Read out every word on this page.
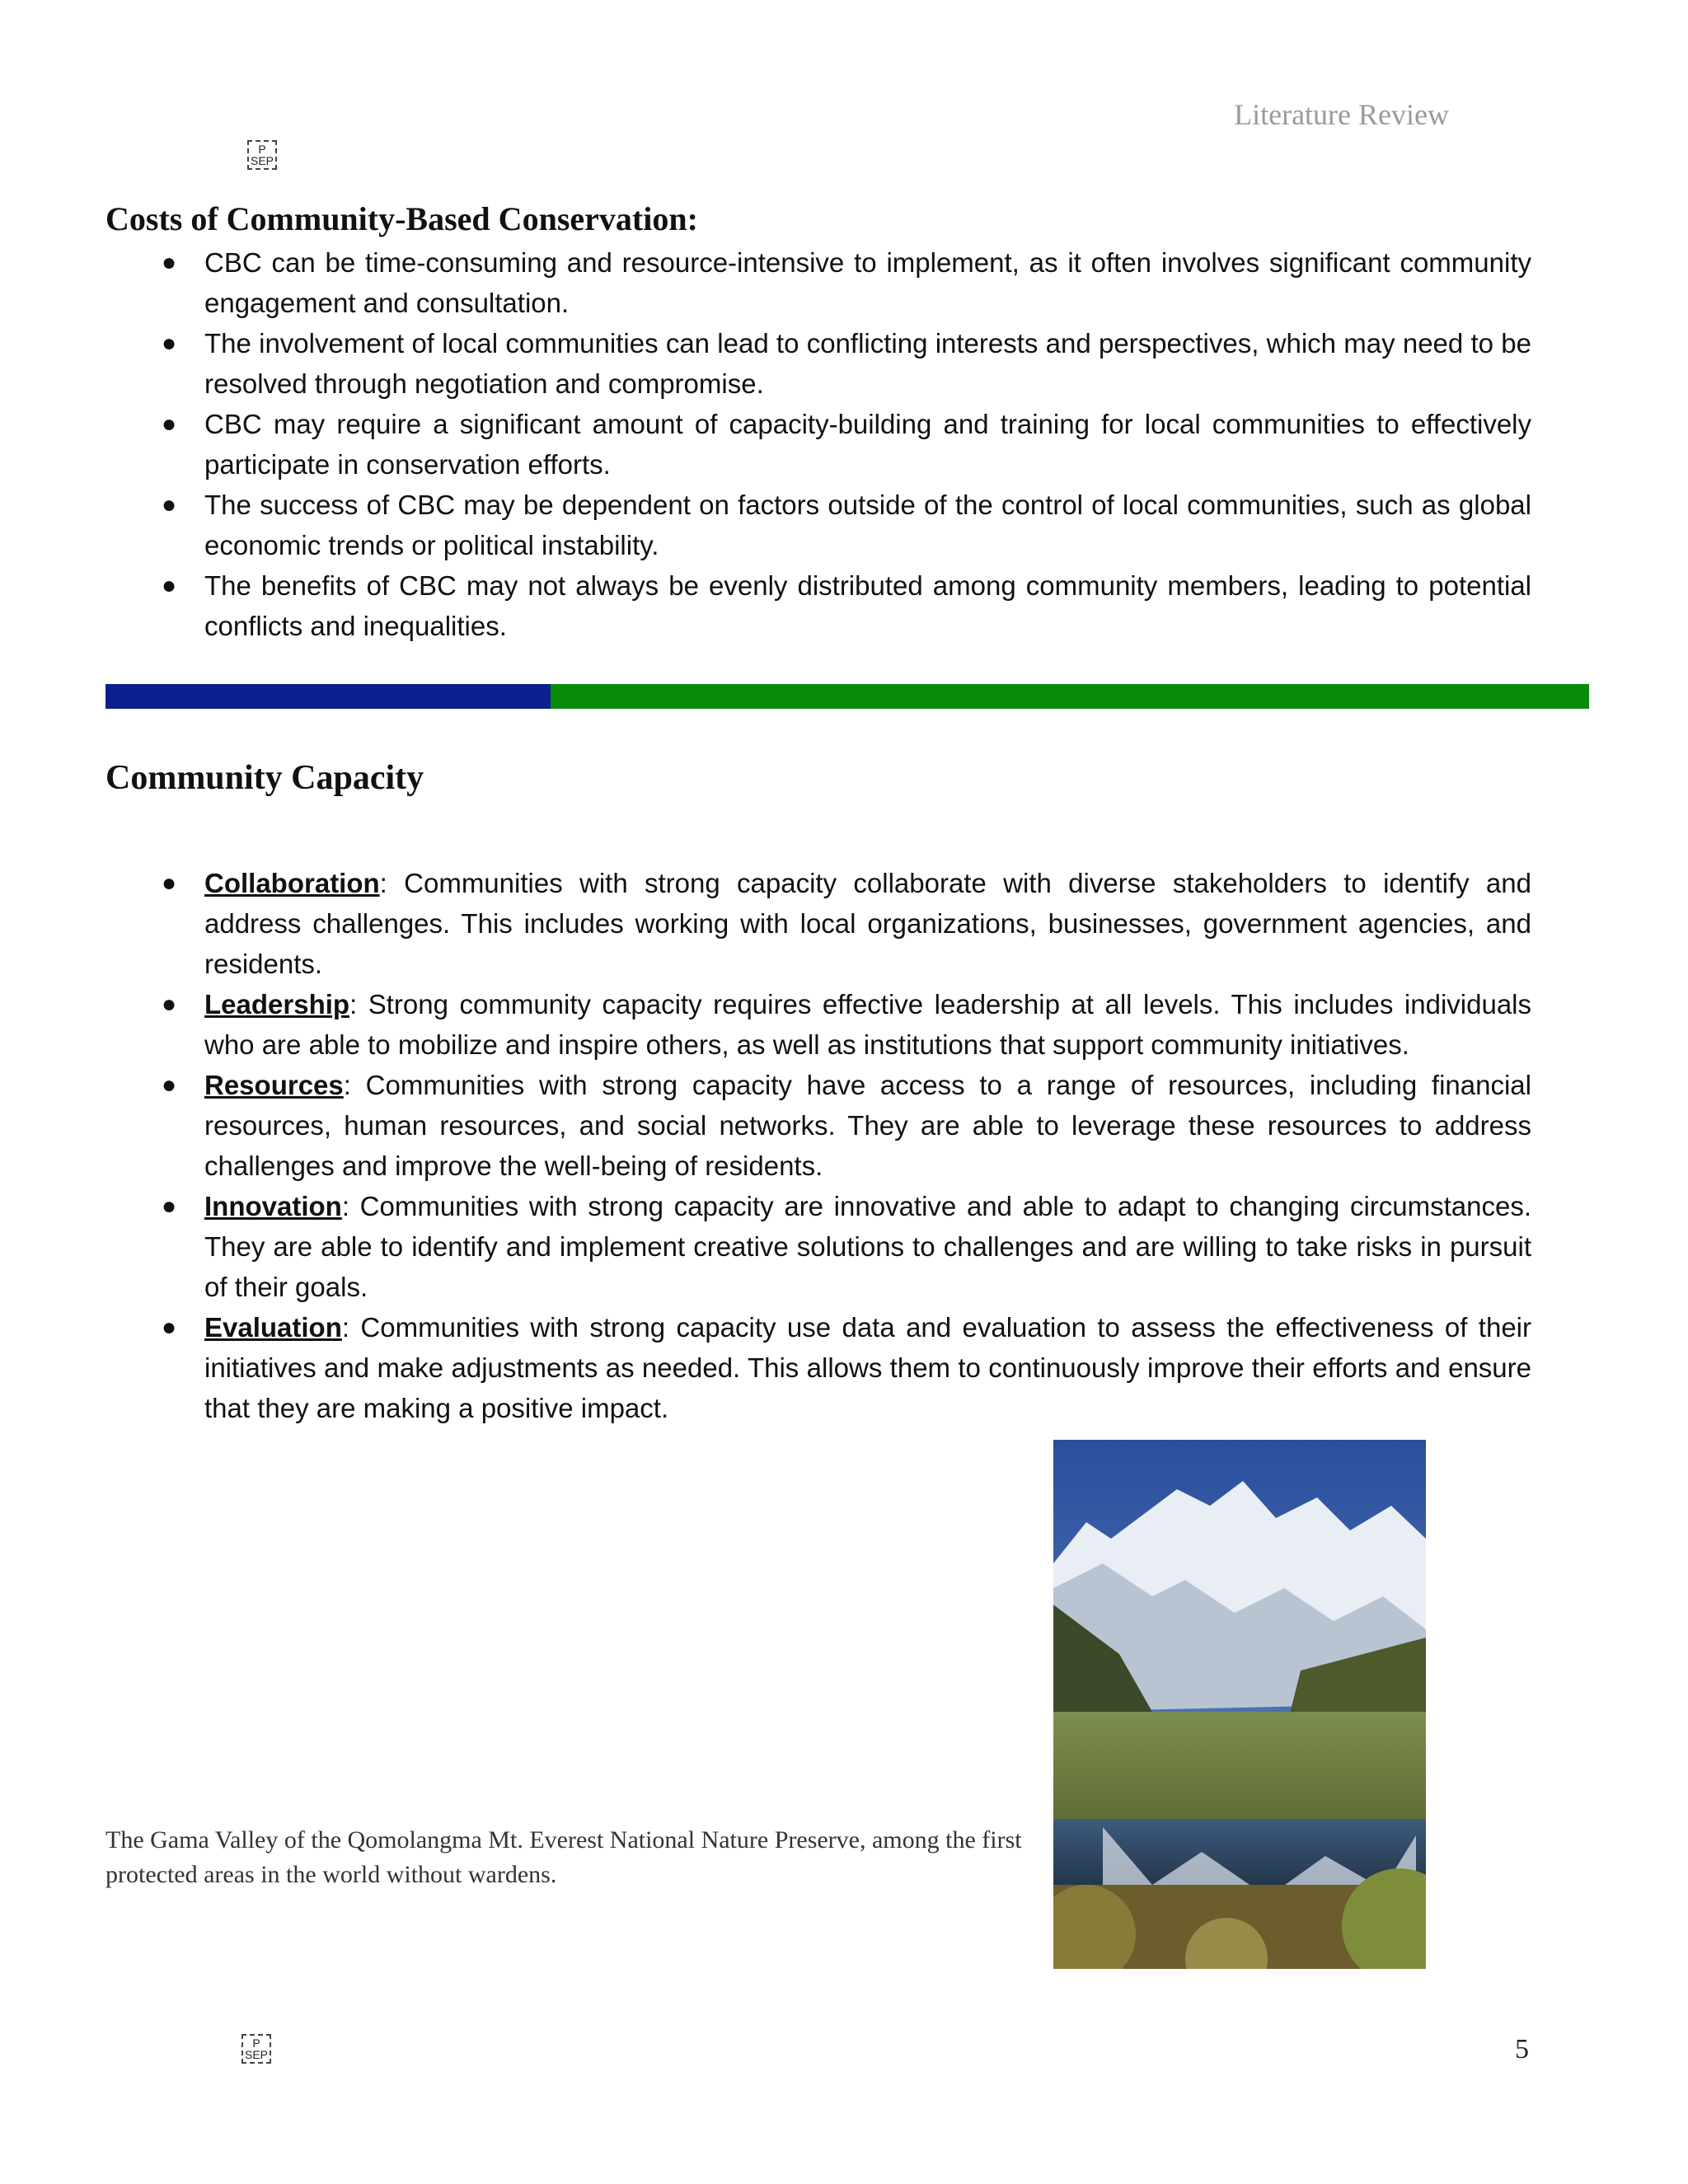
Literature Review
P
SEP
Costs of Community-Based Conservation:
● CBC can be time-consuming and resource-intensive to implement, as it often involves significant community engagement and consultation.
● The involvement of local communities can lead to conflicting interests and perspectives, which may need to be resolved through negotiation and compromise.
● CBC may require a significant amount of capacity-building and training for local communities to effectively participate in conservation efforts.
● The success of CBC may be dependent on factors outside of the control of local communities, such as global economic trends or political instability.
● The benefits of CBC may not always be evenly distributed among community members, leading to potential conflicts and inequalities.
Community Capacity
● Collaboration: Communities with strong capacity collaborate with diverse stakeholders to identify and address challenges. This includes working with local organizations, businesses, government agencies, and residents.
● Leadership: Strong community capacity requires effective leadership at all levels. This includes individuals who are able to mobilize and inspire others, as well as institutions that support community initiatives.
● Resources: Communities with strong capacity have access to a range of resources, including financial resources, human resources, and social networks. They are able to leverage these resources to address challenges and improve the well-being of residents.
● Innovation: Communities with strong capacity are innovative and able to adapt to changing circumstances. They are able to identify and implement creative solutions to challenges and are willing to take risks in pursuit of their goals.
● Evaluation: Communities with strong capacity use data and evaluation to assess the effectiveness of their initiatives and make adjustments as needed. This allows them to continuously improve their efforts and ensure that they are making a positive impact.
The Gama Valley of the Qomolangma Mt. Everest National Nature Preserve, among the first protected areas in the world without wardens.
P
SEP	5
